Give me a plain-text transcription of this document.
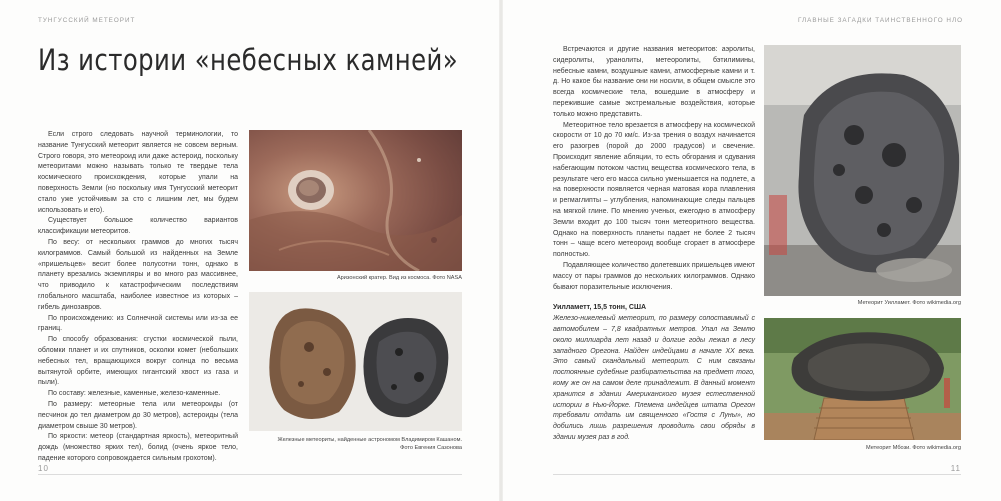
ТУНГУССКИЙ МЕТЕОРИТ
Из истории «небесных камней»

Если строго следовать научной терминологии, то название Тунгусский метеорит является не совсем верным. Строго говоря, это метеороид или даже астероид, поскольку метеоритами можно называть только те твердые тела космического происхождения, которые упали на поверхность Земли (но поскольку имя Тунгусский метеорит стало уже устойчивым за сто с лишним лет, мы будем использовать и его).

Существует большое количество вариантов классификации метеоритов.

По весу: от нескольких граммов до многих тысяч килограммов. Самый большой из найденных на Земле «пришельцев» весит более полусотни тонн, однако в планету врезались экземпляры и во много раз массивнее, что приводило к катастрофическим последствиям глобального масштаба, наиболее известное из которых – гибель динозавров.

По происхождению: из Солнечной системы или из-за ее границ.

По способу образования: сгустки космической пыли, обломки планет и их спутников, осколки комет (небольших небесных тел, вращающихся вокруг солнца по весьма вытянутой орбите, имеющих гигантский хвост из газа и пыли).

По составу: железные, каменные, железо-каменные.

По размеру: метеорные тела или метеороиды (от песчинок до тел диаметром до 30 метров), астероиды (тела диаметром свыше 30 метров).

По яркости: метеор (стандартная яркость), метеоритный дождь (множество ярких тел), болид (очень яркое тело, падение которого сопровождается сильным грохотом).

Аризонский кратер. Вид из космоса. Фото NASA
Железные метеориты, найденные астрономом Владимиром Кашаном.
Фото Евгения Сазонова
10
ГЛАВНЫЕ ЗАГАДКИ ТАИНСТВЕННОГО НЛО

Встречаются и другие названия метеоритов: аэролиты, сидеролиты, уранолиты, метеоролиты, бэтилимины, небесные камни, воздушные камни, атмосферные камни и т. д. Но какое бы название они ни носили, в общем смысле это всегда космические тела, вошедшие в атмосферу и пережившие самые экстремальные воздействия, которые только можно представить.

Метеоритное тело врезается в атмосферу на космической скорости от 10 до 70 км/с. Из-за трения о воздух начинается его разогрев (порой до 2000 градусов) и свечение. Происходит явление абляции, то есть обгорания и сдувания набегающим потоком частиц вещества космического тела, в результате чего его масса сильно уменьшается на подлете, а на поверхности появляется черная матовая кора плавления и регмаглипты – углубления, напоминающие следы пальцев на мягкой глине. По мнению ученых, ежегодно в атмосферу Земли входит до 100 тысяч тонн метеоритного вещества. Однако на поверхность планеты падает не более 2 тысяч тонн – чаще всего метеороид вообще сгорает в атмосфере полностью.

Подавляющее количество долетевших пришельцев имеют массу от пары граммов до нескольких килограммов. Однако бывают поразительные исключения.

Уилламетт, 15,5 тонн, США

Железо-никелевый метеорит, по размеру сопоставимый с автомобилем – 7,8 квадратных метров. Упал на Землю около миллиарда лет назад и долгие годы лежал в лесу западного Орегона. Найден индейцами в начале XX века. Это самый скандальный метеорит. С ним связаны постоянные судебные разбирательства на предмет того, кому же он на самом деле принадлежит. В данный момент хранится в здании Американского музея естественной истории в Нью-Йорке. Племена индейцев штата Орегон требовали отдать им священного «Гостя с Луны», но добились лишь разрешения проводить свои обряды в здании музея раз в год.

Метеорит Уилламет. Фото wikimedia.org
Метеорит Мбози. Фото wikimedia.org
11
